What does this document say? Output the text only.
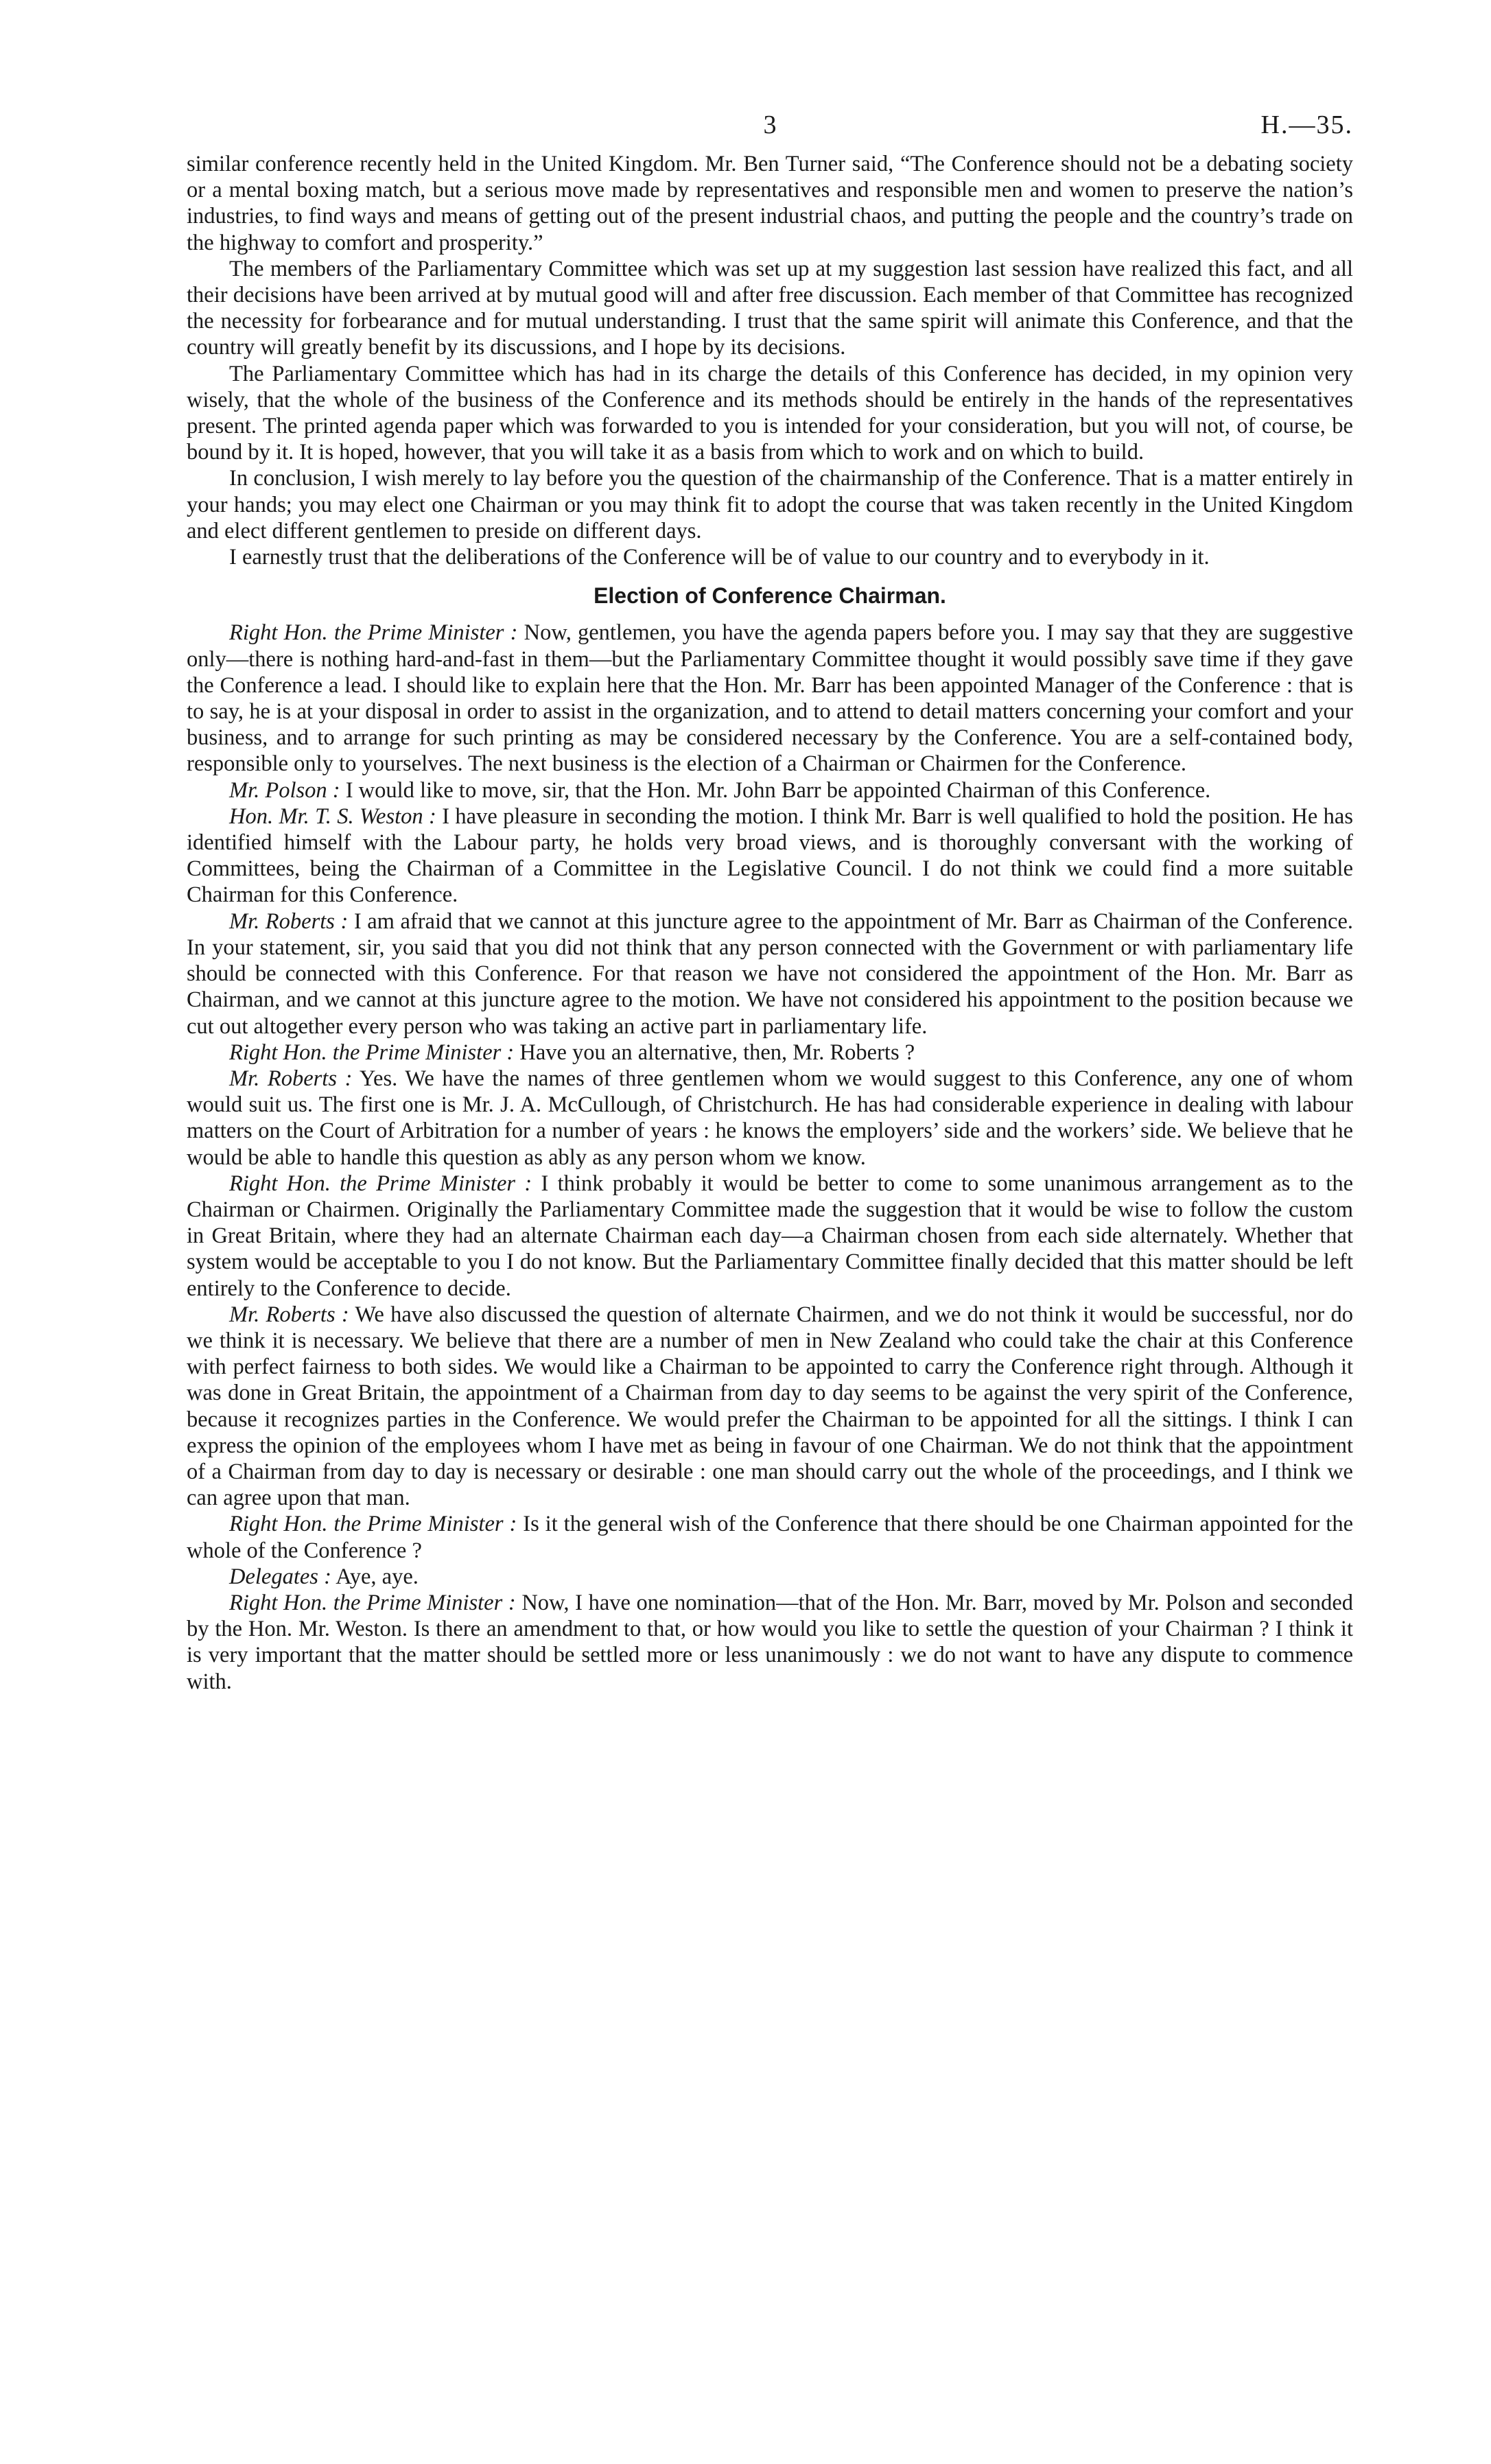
3	H.—35.

similar conference recently held in the United Kingdom. Mr. Ben Turner said, “The Conference should not be a debating society or a mental boxing match, but a serious move made by representatives and responsible men and women to preserve the nation’s industries, to find ways and means of getting out of the present industrial chaos, and putting the people and the country’s trade on the highway to comfort and prosperity.”

The members of the Parliamentary Committee which was set up at my suggestion last session have realized this fact, and all their decisions have been arrived at by mutual good will and after free discussion. Each member of that Committee has recognized the necessity for forbearance and for mutual understanding. I trust that the same spirit will animate this Conference, and that the country will greatly benefit by its discussions, and I hope by its decisions.

The Parliamentary Committee which has had in its charge the details of this Conference has decided, in my opinion very wisely, that the whole of the business of the Conference and its methods should be entirely in the hands of the representatives present. The printed agenda paper which was forwarded to you is intended for your consideration, but you will not, of course, be bound by it. It is hoped, however, that you will take it as a basis from which to work and on which to build.

In conclusion, I wish merely to lay before you the question of the chairmanship of the Conference. That is a matter entirely in your hands; you may elect one Chairman or you may think fit to adopt the course that was taken recently in the United Kingdom and elect different gentlemen to preside on different days.

I earnestly trust that the deliberations of the Conference will be of value to our country and to everybody in it.

Election of Conference Chairman.

Right Hon. the Prime Minister : Now, gentlemen, you have the agenda papers before you. I may say that they are suggestive only—there is nothing hard-and-fast in them—but the Parliamentary Committee thought it would possibly save time if they gave the Conference a lead. I should like to explain here that the Hon. Mr. Barr has been appointed Manager of the Conference : that is to say, he is at your disposal in order to assist in the organization, and to attend to detail matters concerning your comfort and your business, and to arrange for such printing as may be considered necessary by the Conference. You are a self-contained body, responsible only to yourselves. The next business is the election of a Chairman or Chairmen for the Conference.

Mr. Polson : I would like to move, sir, that the Hon. Mr. John Barr be appointed Chairman of this Conference.

Hon. Mr. T. S. Weston : I have pleasure in seconding the motion. I think Mr. Barr is well qualified to hold the position. He has identified himself with the Labour party, he holds very broad views, and is thoroughly conversant with the working of Committees, being the Chairman of a Committee in the Legislative Council. I do not think we could find a more suitable Chairman for this Conference.

Mr. Roberts : I am afraid that we cannot at this juncture agree to the appointment of Mr. Barr as Chairman of the Conference. In your statement, sir, you said that you did not think that any person connected with the Government or with parliamentary life should be connected with this Conference. For that reason we have not considered the appointment of the Hon. Mr. Barr as Chairman, and we cannot at this juncture agree to the motion. We have not considered his appointment to the position because we cut out altogether every person who was taking an active part in parliamentary life.

Right Hon. the Prime Minister : Have you an alternative, then, Mr. Roberts ?

Mr. Roberts : Yes. We have the names of three gentlemen whom we would suggest to this Conference, any one of whom would suit us. The first one is Mr. J. A. McCullough, of Christchurch. He has had considerable experience in dealing with labour matters on the Court of Arbitration for a number of years : he knows the employers’ side and the workers’ side. We believe that he would be able to handle this question as ably as any person whom we know.

Right Hon. the Prime Minister : I think probably it would be better to come to some unanimous arrangement as to the Chairman or Chairmen. Originally the Parliamentary Committee made the suggestion that it would be wise to follow the custom in Great Britain, where they had an alternate Chairman each day—a Chairman chosen from each side alternately. Whether that system would be acceptable to you I do not know. But the Parliamentary Committee finally decided that this matter should be left entirely to the Conference to decide.

Mr. Roberts : We have also discussed the question of alternate Chairmen, and we do not think it would be successful, nor do we think it is necessary. We believe that there are a number of men in New Zealand who could take the chair at this Conference with perfect fairness to both sides. We would like a Chairman to be appointed to carry the Conference right through. Although it was done in Great Britain, the appointment of a Chairman from day to day seems to be against the very spirit of the Conference, because it recognizes parties in the Conference. We would prefer the Chairman to be appointed for all the sittings. I think I can express the opinion of the employees whom I have met as being in favour of one Chairman. We do not think that the appointment of a Chairman from day to day is necessary or desirable : one man should carry out the whole of the proceedings, and I think we can agree upon that man.

Right Hon. the Prime Minister : Is it the general wish of the Conference that there should be one Chairman appointed for the whole of the Conference ?

Delegates : Aye, aye.

Right Hon. the Prime Minister : Now, I have one nomination—that of the Hon. Mr. Barr, moved by Mr. Polson and seconded by the Hon. Mr. Weston. Is there an amendment to that, or how would you like to settle the question of your Chairman ? I think it is very important that the matter should be settled more or less unanimously : we do not want to have any dispute to commence with.
